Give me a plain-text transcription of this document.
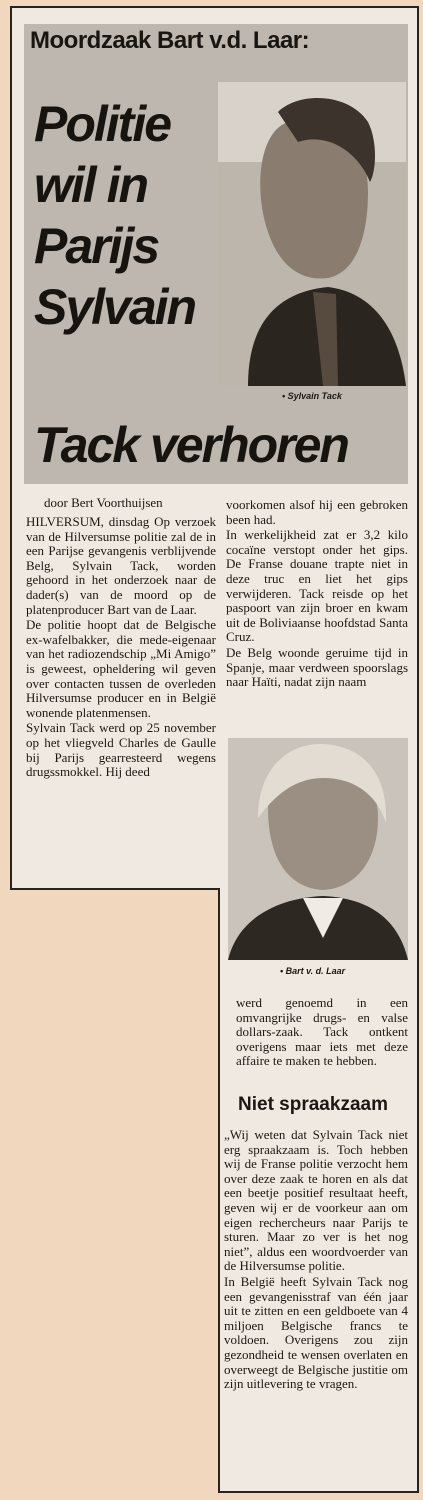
Moordzaak Bart v.d. Laar:
Politie
wil in
Parijs
Sylvain
Tack verhoren
• Sylvain Tack
door Bert Voorthuijsen

HILVERSUM, dinsdag Op verzoek van de Hilversumse politie zal de in een Parijse gevangenis verblijvende Belg, Sylvain Tack, worden gehoord in het onderzoek naar de dader(s) van de moord op de platenproducer Bart van de Laar.

De politie hoopt dat de Belgische ex-wafelbakker, die mede-eigenaar van het radiozendschip „Mi Amigo” is geweest, opheldering wil geven over contacten tussen de overleden Hilversumse producer en in België wonende platenmensen.

Sylvain Tack werd op 25 november op het vliegveld Charles de Gaulle bij Parijs gearresteerd wegens drugssmokkel. Hij deed

voorkomen alsof hij een gebroken been had.

In werkelijkheid zat er 3,2 kilo cocaïne verstopt onder het gips. De Franse douane trapte niet in deze truc en liet het gips verwijderen. Tack reisde op het paspoort van zijn broer en kwam uit de Boliviaanse hoofdstad Santa Cruz.

De Belg woonde geruime tijd in Spanje, maar verdween spoorslags naar Haïti, nadat zijn naam

• Bart v. d. Laar

werd genoemd in een omvangrijke drugs- en valse dollars-zaak. Tack ontkent overigens maar iets met deze affaire te maken te hebben.

Niet spraakzaam

„Wij weten dat Sylvain Tack niet erg spraakzaam is. Toch hebben wij de Franse politie verzocht hem over deze zaak te horen en als dat een beetje positief resultaat heeft, geven wij er de voorkeur aan om eigen rechercheurs naar Parijs te sturen. Maar zo ver is het nog niet”, aldus een woordvoerder van de Hilversumse politie.

In België heeft Sylvain Tack nog een gevangenisstraf van één jaar uit te zitten en een geldboete van 4 miljoen Belgische francs te voldoen. Overigens zou zijn gezondheid te wensen overlaten en overweegt de Belgische justitie om zijn uitlevering te vragen.
